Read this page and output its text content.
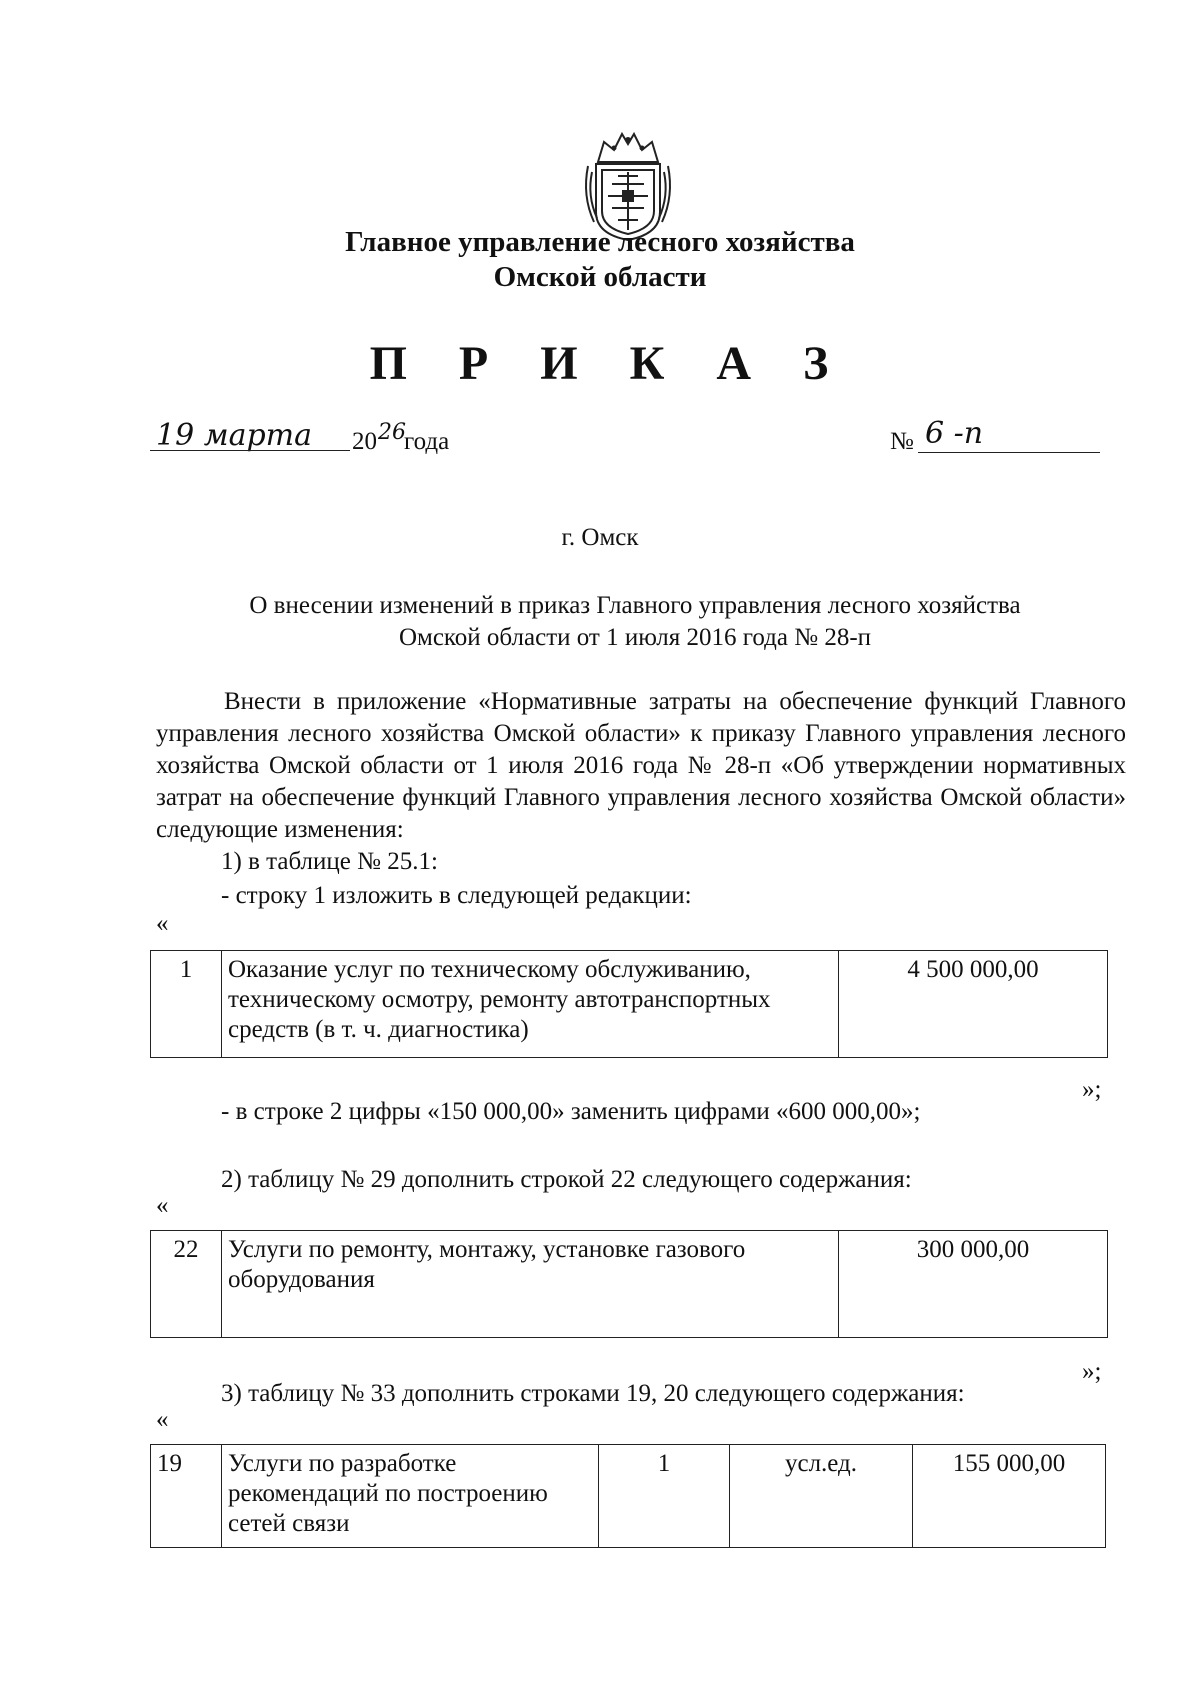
Главное управление лесного хозяйства
Омской области
П Р И К А З
19 марта 20 26
года	№ 6 -п
г. Омск
О внесении изменений в приказ Главного управления лесного хозяйства
Омской области от 1 июля 2016 года № 28-п
Внести в приложение «Нормативные затраты на обеспечение функций Главного управления лесного хозяйства Омской области» к приказу Главного управления лесного хозяйства Омской области от 1 июля 2016 года № 28-п «Об утверждении нормативных затрат на обеспечение функций Главного управления лесного хозяйства Омской области» следующие изменения:
1) в таблице № 25.1:
- строку 1 изложить в следующей редакции:
«
1	Оказание услуг по техническому обслуживанию, техническому осмотру, ремонту автотранспортных средств (в т. ч. диагностика)	4 500 000,00
»;
- в строке 2 цифры «150 000,00» заменить цифрами «600 000,00»;
2) таблицу № 29 дополнить строкой 22 следующего содержания:
«
22	Услуги по ремонту, монтажу, установке газового оборудования	300 000,00
»;
3) таблицу № 33 дополнить строками 19, 20 следующего содержания:
«
19	Услуги по разработке рекомендаций по построению сетей связи	1	усл.ед.	155 000,00
